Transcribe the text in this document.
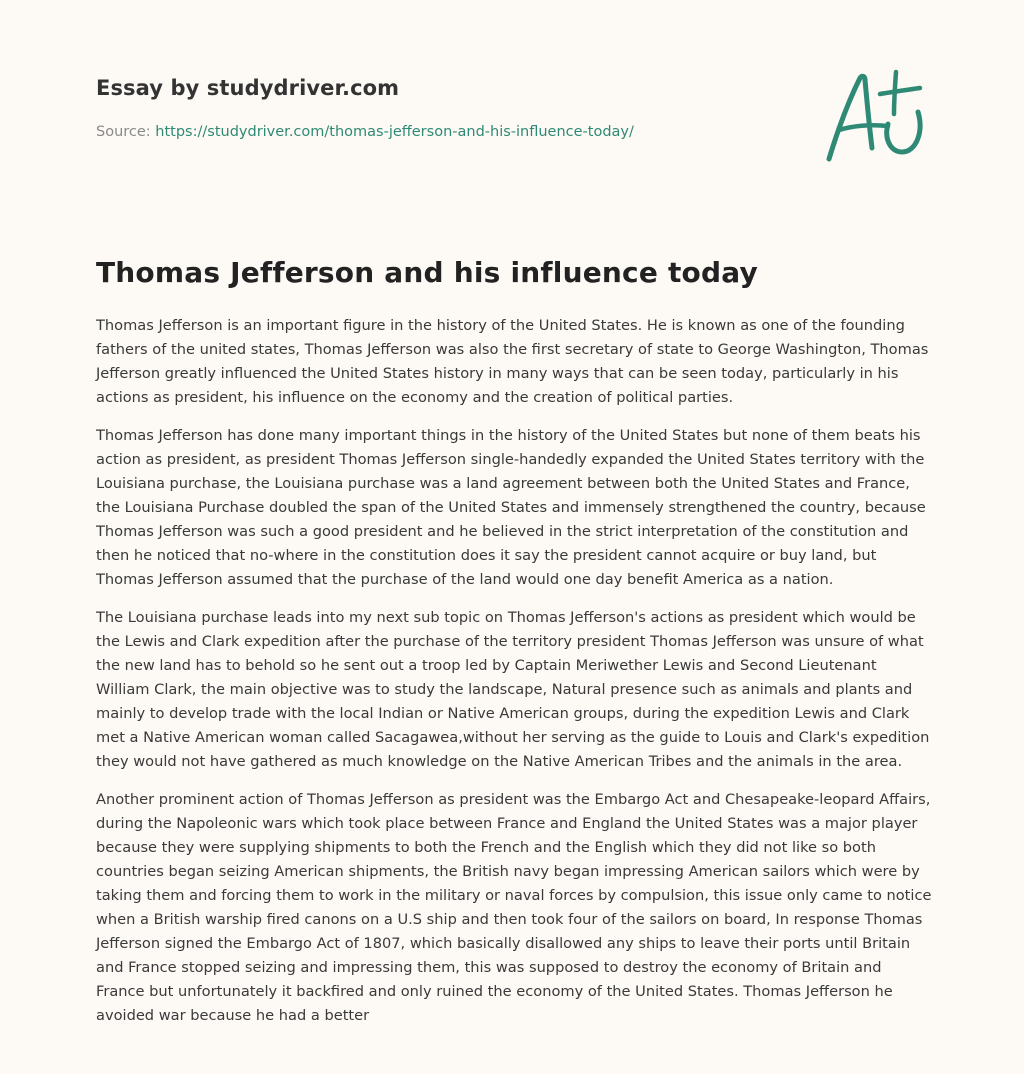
Essay by studydriver.com
Source: https://studydriver.com/thomas-jefferson-and-his-influence-today/
Thomas Jefferson and his influence today

Thomas Jefferson is an important figure in the history of the United States. He is known as one of the founding fathers of the united states, Thomas Jefferson was also the first secretary of state to George Washington, Thomas Jefferson greatly influenced the United States history in many ways that can be seen today, particularly in his actions as president, his influence on the economy and the creation of political parties.

Thomas Jefferson has done many important things in the history of the United States but none of them beats his action as president, as president Thomas Jefferson single-handedly expanded the United States territory with the Louisiana purchase, the Louisiana purchase was a land agreement between both the United States and France, the Louisiana Purchase doubled the span of the United States and immensely strengthened the country, because Thomas Jefferson was such a good president and he believed in the strict interpretation of the constitution and then he noticed that no-where in the constitution does it say the president cannot acquire or buy land, but Thomas Jefferson assumed that the purchase of the land would one day benefit America as a nation.

The Louisiana purchase leads into my next sub topic on Thomas Jefferson's actions as president which would be the Lewis and Clark expedition after the purchase of the territory president Thomas Jefferson was unsure of what the new land has to behold so he sent out a troop led by Captain Meriwether Lewis and Second Lieutenant William Clark, the main objective was to study the landscape, Natural presence such as animals and plants and mainly to develop trade with the local Indian or Native American groups, during the expedition Lewis and Clark met a Native American woman called Sacagawea,without her serving as the guide to Louis and Clark's expedition they would not have gathered as much knowledge on the Native American Tribes and the animals in the area.

Another prominent action of Thomas Jefferson as president was the Embargo Act and Chesapeake-leopard Affairs, during the Napoleonic wars which took place between France and England the United States was a major player because they were supplying shipments to both the French and the English which they did not like so both countries began seizing American shipments, the British navy began impressing American sailors which were by taking them and forcing them to work in the military or naval forces by compulsion, this issue only came to notice when a British warship fired canons on a U.S ship and then took four of the sailors on board, In response Thomas Jefferson signed the Embargo Act of 1807, which basically disallowed any ships to leave their ports until Britain and France stopped seizing and impressing them, this was supposed to destroy the economy of Britain and France but unfortunately it backfired and only ruined the economy of the United States. Thomas Jefferson he avoided war because he had a better
